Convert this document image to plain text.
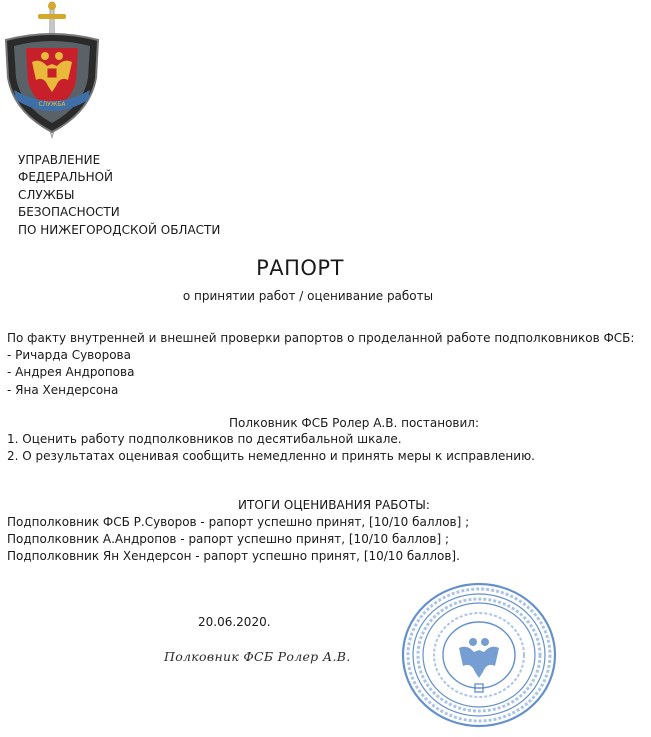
СЛУЖБА
УПРАВЛЕНИЕ
ФЕДЕРАЛЬНОЙ
СЛУЖБЫ
БЕЗОПАСНОСТИ
ПО НИЖЕГОРОДСКОЙ ОБЛАСТИ
РАПОРТ
о принятии работ / оценивание работы
По факту внутренней и внешней проверки рапортов о проделанной работе подполковников ФСБ:
- Ричарда Суворова
- Андрея Андропова
- Яна Хендерсона
Полковник ФСБ Ролер А.В. постановил:
1. Оценить работу подполковников по десятибальной шкале.
2. О результатах оценивая сообщить немедленно и принять меры к исправлению.
ИТОГИ ОЦЕНИВАНИЯ РАБОТЫ:
Подполковник ФСБ Р.Суворов - рапорт успешно принят, [10/10 баллов] ;
Подполковник А.Андропов - рапорт успешно принят, [10/10 баллов] ;
Подполковник Ян Хендерсон - рапорт успешно принят, [10/10 баллов].
20.06.2020.
Полковник ФСБ Ролер А.В.
